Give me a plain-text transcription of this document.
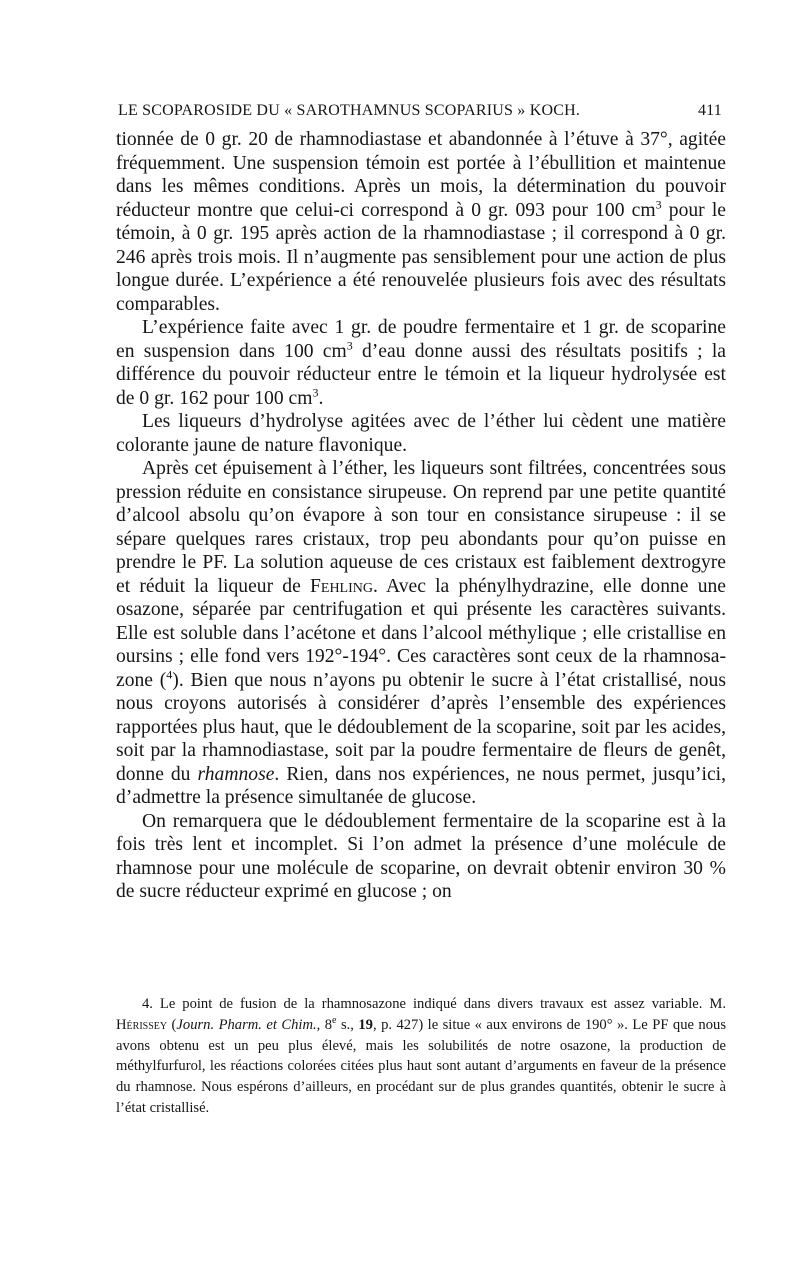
LE SCOPAROSIDE DU « SAROTHAMNUS SCOPARIUS » KOCH.	411

tionnée de 0 gr. 20 de rhamnodiastase et abandonnée à l’étuve à 37°, agitée fréquemment. Une suspension témoin est portée à l’ébullition et maintenue dans les mêmes conditions. Après un mois, la détermination du pouvoir réducteur montre que celui-ci correspond à 0 gr. 093 pour 100 $cm^3$ pour le témoin, à 0 gr. 195 après action de la rhamnodiastase ; il correspond à 0 gr. 246 après trois mois. Il n’augmente pas sensiblement pour une action de plus longue durée. L’expérience a été renouvelée plusieurs fois avec des résultats comparables.

L’expérience faite avec 1 gr. de poudre fermentaire et 1 gr. de scoparine en suspension dans 100 $cm^3$ d’eau donne aussi des résultats positifs ; la différence du pouvoir réducteur entre le témoin et la liqueur hydrolysée est de 0 gr. 162 pour 100 $cm^3$.

Les liqueurs d’hydrolyse agitées avec de l’éther lui cèdent une matière colorante jaune de nature flavonique.

Après cet épuisement à l’éther, les liqueurs sont filtrées, concentrées sous pression réduite en consistance sirupeuse. On reprend par une petite quantité d’alcool absolu qu’on évapore à son tour en consistance sirupeuse : il se sépare quelques rares cristaux, trop peu abondants pour qu’on puisse en prendre le PF. La solution aqueuse de ces cristaux est faiblement dextrogyre et réduit la liqueur de Fehling. Avec la phénylhydrazine, elle donne une osazone, séparée par centrifugation et qui présente les caractères suivants. Elle est soluble dans l’acétone et dans l’alcool méthylique ; elle cristallise en oursins ; elle fond vers 192°-194°. Ces caractères sont ceux de la rhamnosazone ($^4$). Bien que nous n’ayons pu obtenir le sucre à l’état cristallisé, nous nous croyons autorisés à considérer d’après l’ensemble des expériences rapportées plus haut, que le dédoublement de la scoparine, soit par les acides, soit par la rhamnodiastase, soit par la poudre fermentaire de fleurs de genêt, donne du rhamnose. Rien, dans nos expériences, ne nous permet, jusqu’ici, d’admettre la présence simultanée de glucose.

On remarquera que le dédoublement fermentaire de la scoparine est à la fois très lent et incomplet. Si l’on admet la présence d’une molécule de rhamnose pour une molécule de scoparine, on devrait obtenir environ 30 % de sucre réducteur exprimé en glucose ; on

4. Le point de fusion de la rhamnosazone indiqué dans divers travaux est assez variable. M. Hérissey (Journ. Pharm. et Chim., 8e s., 19, p. 427) le situe « aux environs de 190° ». Le PF que nous avons obtenu est un peu plus élevé, mais les solubilités de notre osazone, la production de méthylfurfurol, les réactions colorées citées plus haut sont autant d’arguments en faveur de la présence du rhamnose. Nous espérons d’ailleurs, en procédant sur de plus grandes quantités, obtenir le sucre à l’état cristallisé.
